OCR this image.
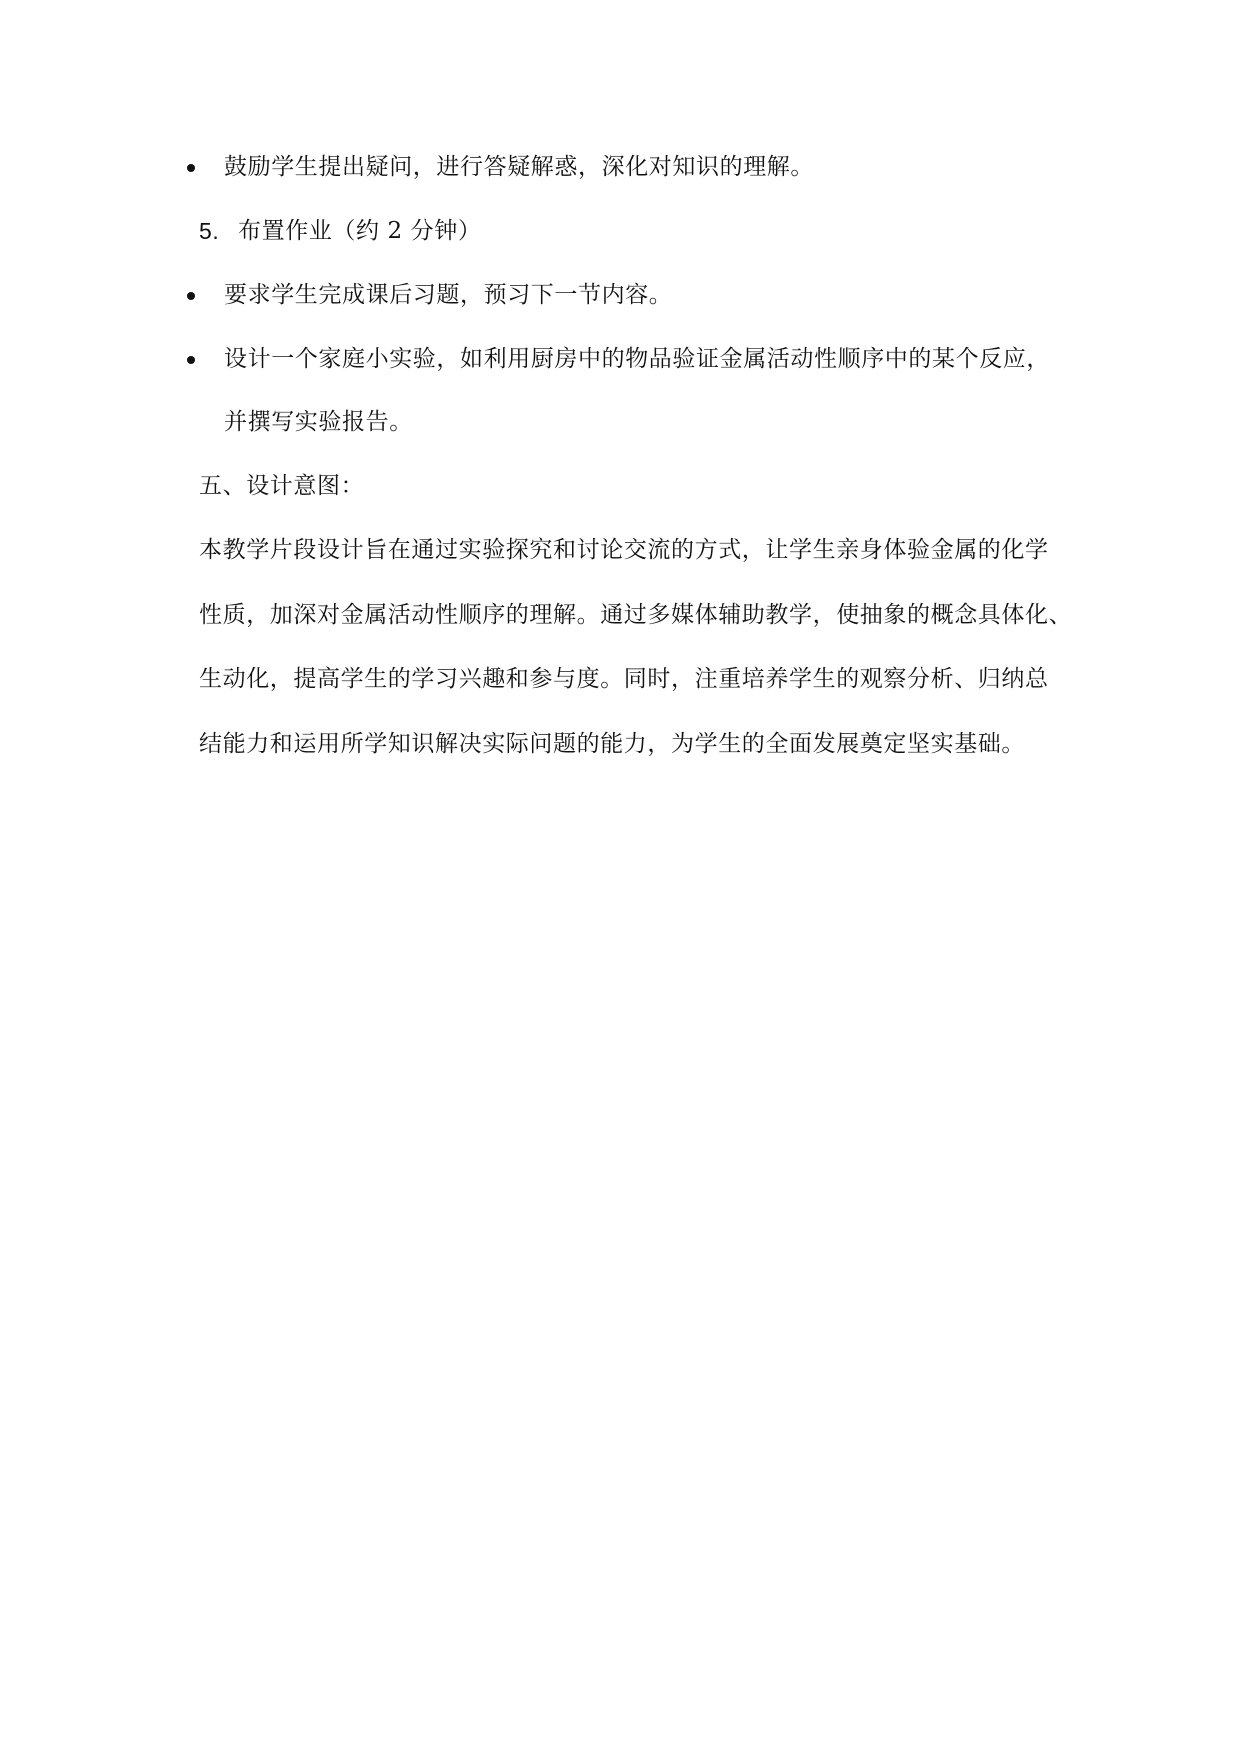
鼓励学生提出疑问，进行答疑解惑，深化对知识的理解。
5. 布置作业（约 2 分钟）
要求学生完成课后习题，预习下一节内容。
设计一个家庭小实验，如利用厨房中的物品验证金属活动性顺序中的某个反应，
并撰写实验报告。
五、设计意图：
本教学片段设计旨在通过实验探究和讨论交流的方式，让学生亲身体验金属的化学
性质，加深对金属活动性顺序的理解。通过多媒体辅助教学，使抽象的概念具体化、
生动化，提高学生的学习兴趣和参与度。同时，注重培养学生的观察分析、归纳总
结能力和运用所学知识解决实际问题的能力，为学生的全面发展奠定坚实基础。
